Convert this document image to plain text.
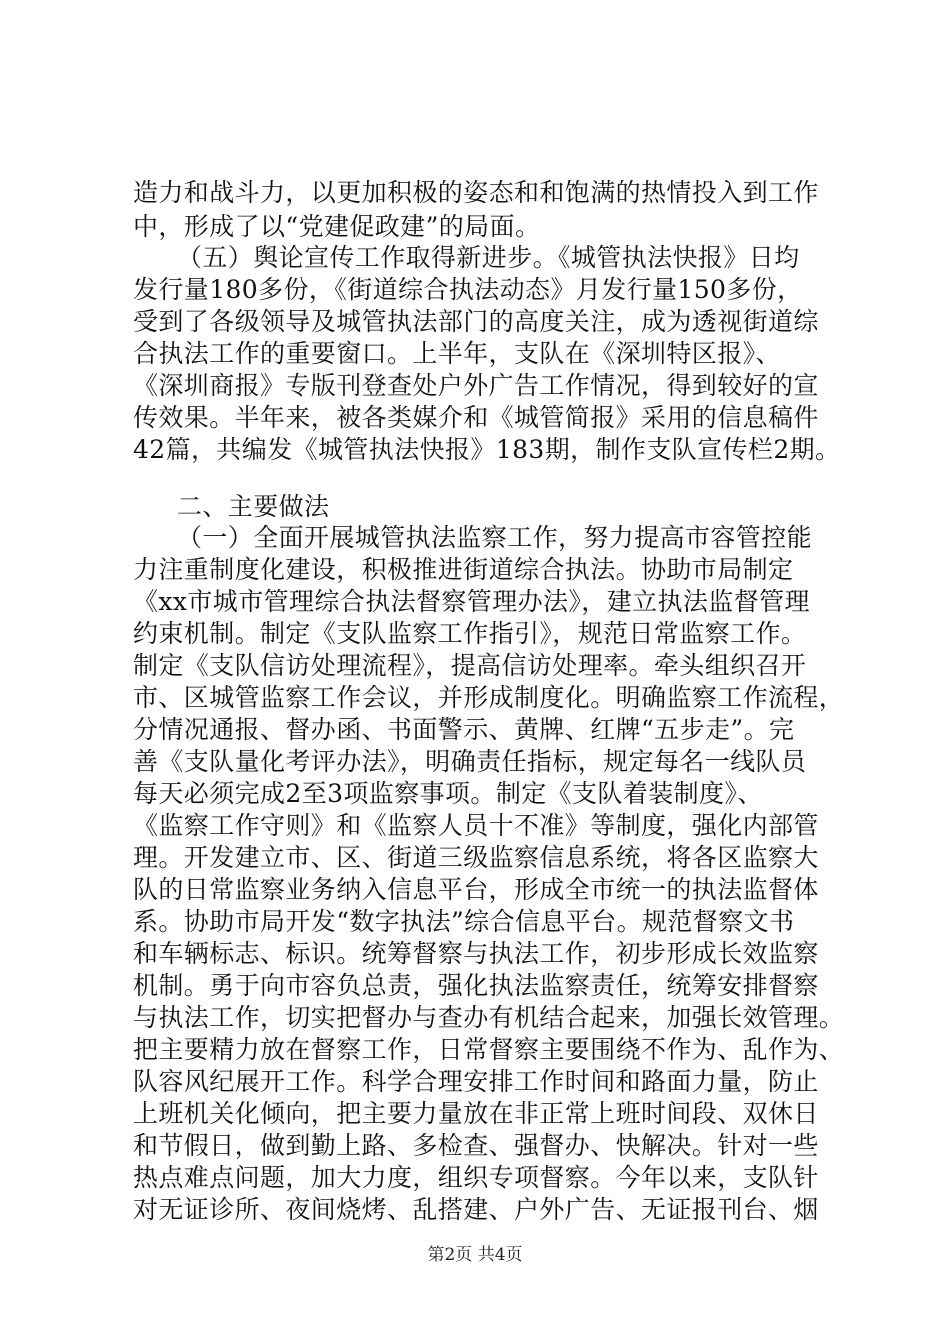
造力和战斗力，以更加积极的姿态和和饱满的热情投入到工作
中，形成了以“党建促政建”的局面。
（五）舆论宣传工作取得新进步。《城管执法快报》日均
发行量180多份，《街道综合执法动态》月发行量150多份，
受到了各级领导及城管执法部门的高度关注，成为透视街道综
合执法工作的重要窗口。上半年，支队在《深圳特区报》、
《深圳商报》专版刊登查处户外广告工作情况，得到较好的宣
传效果。半年来，被各类媒介和《城管简报》采用的信息稿件
42篇，共编发《城管执法快报》183期，制作支队宣传栏2期。
二、主要做法
（一）全面开展城管执法监察工作，努力提高市容管控能
力注重制度化建设，积极推进街道综合执法。协助市局制定
《xx市城市管理综合执法督察管理办法》，建立执法监督管理
约束机制。制定《支队监察工作指引》，规范日常监察工作。
制定《支队信访处理流程》，提高信访处理率。牵头组织召开
市、区城管监察工作会议，并形成制度化。明确监察工作流程，
分情况通报、督办函、书面警示、黄牌、红牌“五步走”。完
善《支队量化考评办法》，明确责任指标，规定每名一线队员
每天必须完成2至3项监察事项。制定《支队着装制度》、
《监察工作守则》和《监察人员十不准》等制度，强化内部管
理。开发建立市、区、街道三级监察信息系统，将各区监察大
队的日常监察业务纳入信息平台，形成全市统一的执法监督体
系。协助市局开发“数字执法”综合信息平台。规范督察文书
和车辆标志、标识。统筹督察与执法工作，初步形成长效监察
机制。勇于向市容负总责，强化执法监察责任，统筹安排督察
与执法工作，切实把督办与查办有机结合起来，加强长效管理。
把主要精力放在督察工作，日常督察主要围绕不作为、乱作为、
队容风纪展开工作。科学合理安排工作时间和路面力量，防止
上班机关化倾向，把主要力量放在非正常上班时间段、双休日
和节假日，做到勤上路、多检查、强督办、快解决。针对一些
热点难点问题，加大力度，组织专项督察。今年以来，支队针
对无证诊所、夜间烧烤、乱搭建、户外广告、无证报刊台、烟
第2页 共4页
